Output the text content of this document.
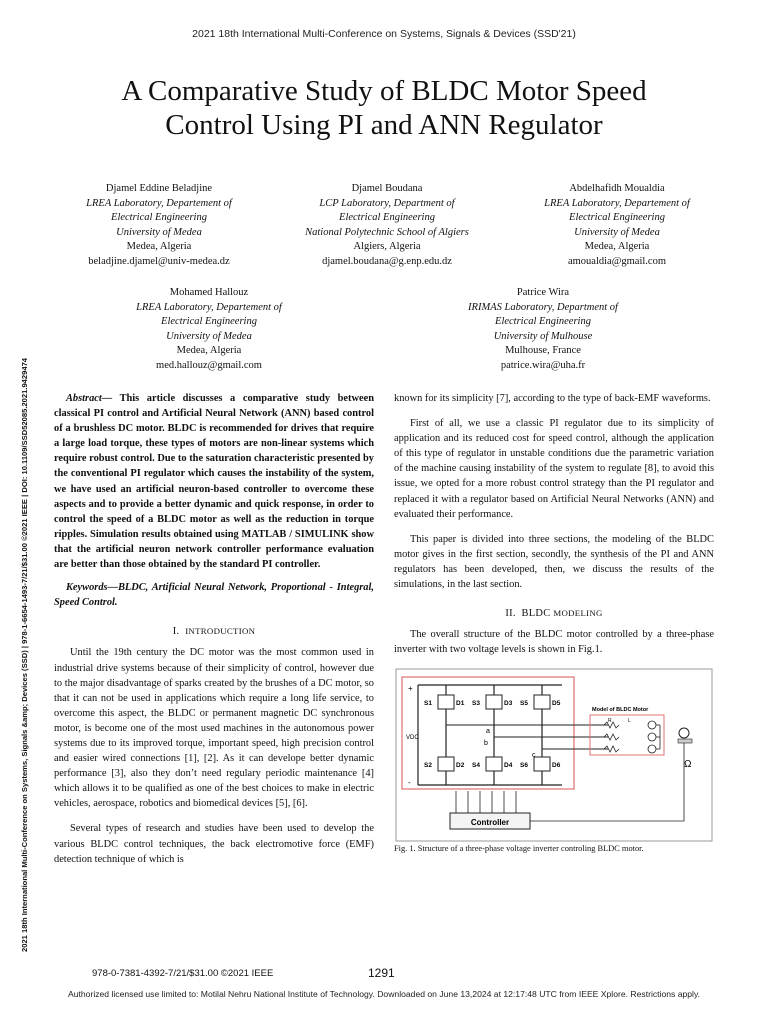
2021 18th International Multi-Conference on Systems, Signals & Devices (SSD'21)
2021 18th International Multi-Conference on Systems, Signals &amp; Devices (SSD) | 978-1-6654-1493-7/21/$31.00 ©2021 IEEE | DOI: 10.1109/SSD52085.2021.9429474
A Comparative Study of BLDC Motor Speed
Control Using PI and ANN Regulator
Djamel Eddine Beladjine
LREA Laboratory, Departement of
Electrical Engineering
University of Medea
Medea, Algeria
beladjine.djamel@univ-medea.dz
Djamel Boudana
LCP Laboratory, Department of
Electrical Engineering
National Polytechnic School of Algiers
Algiers, Algeria
djamel.boudana@g.enp.edu.dz
Abdelhafidh Moualdia
LREA Laboratory, Departement of
Electrical Engineering
University of Medea
Medea, Algeria
amoualdia@gmail.com
Mohamed Hallouz
LREA Laboratory, Departement of
Electrical Engineering
University of Medea
Medea, Algeria
med.hallouz@gmail.com
Patrice Wira
IRIMAS Laboratory, Department of
Electrical Engineering
University of Mulhouse
Mulhouse, France
patrice.wira@uha.fr

Abstract— This article discusses a comparative study between classical PI control and Artificial Neural Network (ANN) based control of a brushless DC motor. BLDC is recommended for drives that require a large load torque, these types of motors are non-linear systems which require robust control. Due to the saturation characteristic presented by the conventional PI regulator which causes the instability of the system, we have used an artificial neuron-based controller to overcome these aspects and to provide a better dynamic and quick response, in order to control the speed of a BLDC motor as well as the reduction in torque ripples. Simulation results obtained using MATLAB / SIMULINK show that the artificial neuron network controller performance evaluation are better than those obtained by the standard PI controller.

Keywords—BLDC, Artificial Neural Network, Proportional - Integral, Speed Control.

I. INTRODUCTION

Until the 19th century the DC motor was the most common used in industrial drive systems because of their simplicity of control, however due to the major disadvantage of sparks created by the brushes of a DC motor, so that it can not be used in applications which require a long life service, to overcome this aspect, the BLDC or permanent magnetic DC synchronous motor, is become one of the most used machines in the autonomous power systems due to its improved torque, important speed, high precision control and easier wired connections [1], [2]. As it can develope better dynamic performance [3], also they don’t need regulary periodic maintenance [4] which allows it to be qualified as one of the best choices to make in electric vehicles, aerospace, robotics and biomedical devices [5], [6].

Several types of research and studies have been used to develop the various BLDC control techniques, the back electromotive force (EMF) detection technique of which is

known for its simplicity [7], according to the type of back-EMF waveforms.

First of all, we use a classic PI regulator due to its simplicity of application and its reduced cost for speed control, although the application of this type of regulator in unstable conditions due the parametric variation of the machine causing instability of the system to regulate [8], to avoid this issue, we opted for a more robust control strategy than the PI regulator and replaced it with a regulator based on Artificial Neural Networks (ANN) and evaluated their performance.

This paper is divided into three sections, the modeling of the BLDC motor gives in the first section, secondly, the synthesis of the PI and ANN regulators has been developed, then, we discuss the results of the simulations, in the last section.

II. BLDC MODELING

The overall structure of the BLDC motor controlled by a three-phase inverter with two voltage levels is shown in Fig.1.

+
-
VDC
S1	D1
S2	D2
S3	D3
S4	D4
S5	D5
S6	D6
a
b
c
Model of BLDC Motor
R	L
Ω
Controller

Fig. 1. Structure of a three-phase voltage inverter controling BLDC motor.

978-0-7381-4392-7/21/$31.00 ©2021 IEEE	1291
Authorized licensed use limited to: Motilal Nehru National Institute of Technology. Downloaded on June 13,2024 at 12:17:48 UTC from IEEE Xplore. Restrictions apply.
